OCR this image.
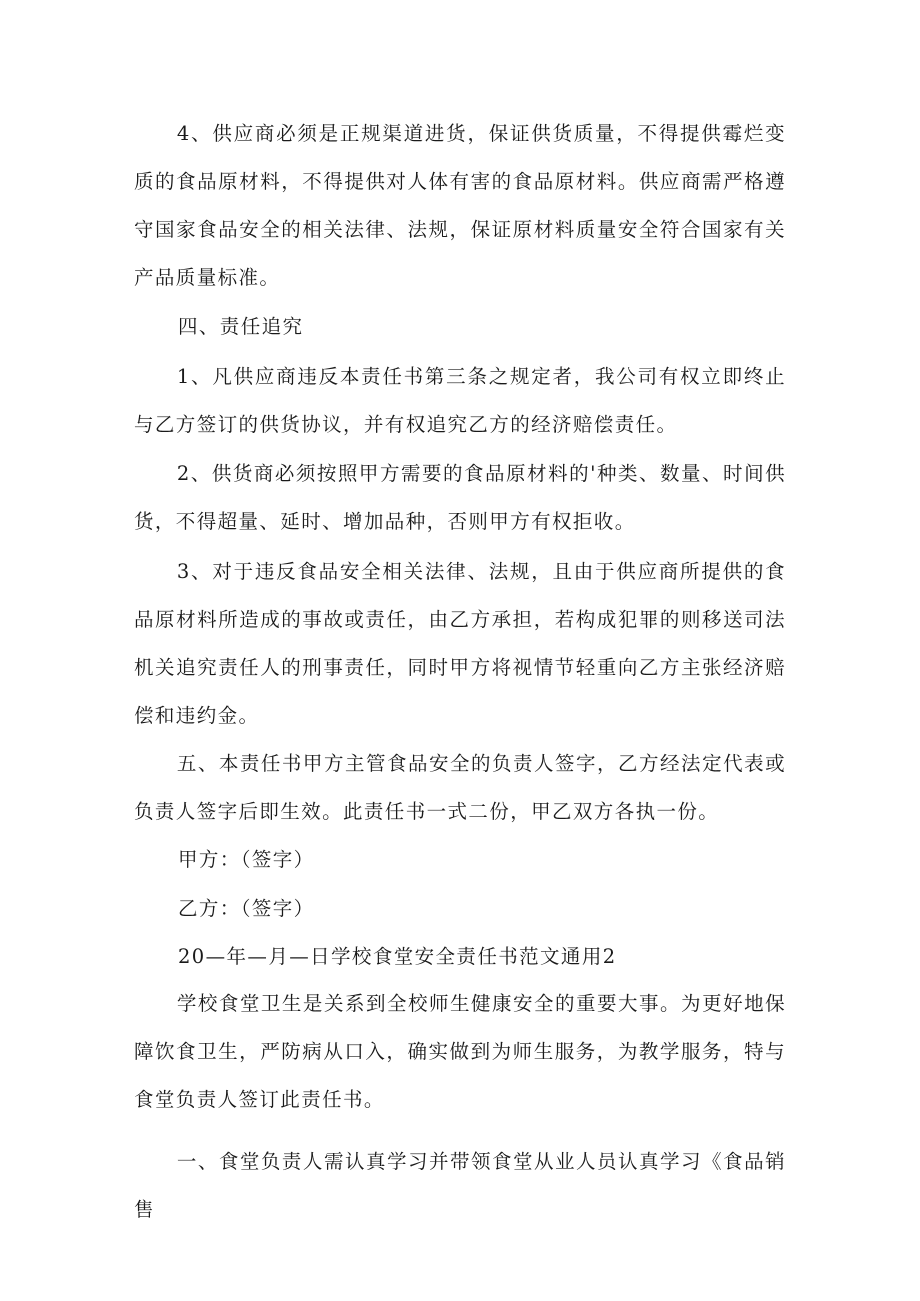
4、供应商必须是正规渠道进货，保证供货质量，不得提供霉烂变质的食品原材料，不得提供对人体有害的食品原材料。供应商需严格遵守国家食品安全的相关法律、法规，保证原材料质量安全符合国家有关产品质量标准。

四、责任追究

1、凡供应商违反本责任书第三条之规定者，我公司有权立即终止与乙方签订的供货协议，并有权追究乙方的经济赔偿责任。

2、供货商必须按照甲方需要的食品原材料的'种类、数量、时间供货，不得超量、延时、增加品种，否则甲方有权拒收。

3、对于违反食品安全相关法律、法规，且由于供应商所提供的食品原材料所造成的事故或责任，由乙方承担，若构成犯罪的则移送司法机关追究责任人的刑事责任，同时甲方将视情节轻重向乙方主张经济赔偿和违约金。

五、本责任书甲方主管食品安全的负责人签字，乙方经法定代表或负责人签字后即生效。此责任书一式二份，甲乙双方各执一份。

甲方：（签字）

乙方：（签字）

20—年—月—日学校食堂安全责任书范文通用2

学校食堂卫生是关系到全校师生健康安全的重要大事。为更好地保障饮食卫生，严防病从口入，确实做到为师生服务，为教学服务，特与食堂负责人签订此责任书。

一、食堂负责人需认真学习并带领食堂从业人员认真学习《食品销售
